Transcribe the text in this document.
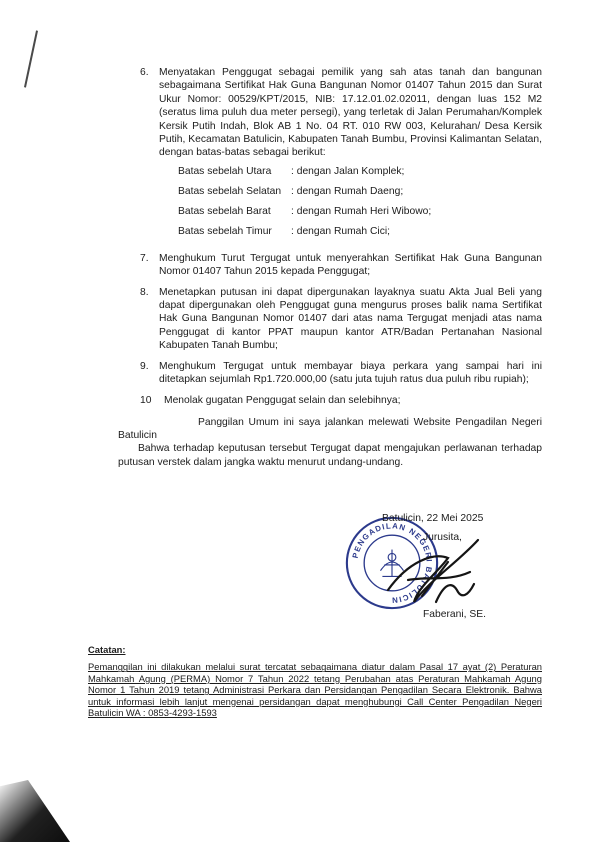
6. Menyatakan Penggugat sebagai pemilik yang sah atas tanah dan bangunan sebagaimana Sertifikat Hak Guna Bangunan Nomor 01407 Tahun 2015 dan Surat Ukur Nomor: 00529/KPT/2015, NIB: 17.12.01.02.02011, dengan luas 152 M2 (seratus lima puluh dua meter persegi), yang terletak di Jalan Perumahan/Komplek Kersik Putih Indah, Blok AB 1 No. 04 RT. 010 RW 003, Kelurahan/ Desa Kersik Putih, Kecamatan Batulicin, Kabupaten Tanah Bumbu, Provinsi Kalimantan Selatan, dengan batas-batas sebagai berikut:

Batas sebelah Utara	: dengan Jalan Komplek;
Batas sebelah Selatan : dengan Rumah Daeng;
Batas sebelah Barat	: dengan Rumah Heri Wibowo;
Batas sebelah Timur	: dengan Rumah Cici;
7. Menghukum Turut Tergugat untuk menyerahkan Sertifikat Hak Guna Bangunan Nomor 01407 Tahun 2015 kepada Penggugat;

8. Menetapkan putusan ini dapat dipergunakan layaknya suatu Akta Jual Beli yang dapat dipergunakan oleh Penggugat guna mengurus proses balik nama Sertifikat Hak Guna Bangunan Nomor 01407 dari atas nama Tergugat menjadi atas nama Penggugat di kantor PPAT maupun kantor ATR/Badan Pertanahan Nasional Kabupaten Tanah Bumbu;

9. Menghukum Tergugat untuk membayar biaya perkara yang sampai hari ini ditetapkan sejumlah Rp1.720.000,00 (satu juta tujuh ratus dua puluh ribu rupiah);

10 Menolak gugatan Penggugat selain dan selebihnya;

Panggilan Umum ini saya jalankan melewati Website Pengadilan Negeri Batulicin

Bahwa terhadap keputusan tersebut Tergugat dapat mengajukan perlawanan terhadap putusan verstek dalam jangka waktu menurut undang-undang.

PENGADILAN NEGERI BATULICIN
Batulicin, 22 Mei 2025
Jurusita,
Faberani, SE.
Catatan:

Pemanggilan ini dilakukan melalui surat tercatat sebagaimana diatur dalam Pasal 17 ayat (2) Peraturan Mahkamah Agung (PERMA) Nomor 7 Tahun 2022 tetang Perubahan atas Peraturan Mahkamah Agung Nomor 1 Tahun 2019 tetang Administrasi Perkara dan Persidangan Pengadilan Secara Elektronik. Bahwa untuk informasi lebih lanjut mengenai persidangan dapat menghubungi Call Center Pengadilan Negeri Batulicin WA : 0853-4293-1593
